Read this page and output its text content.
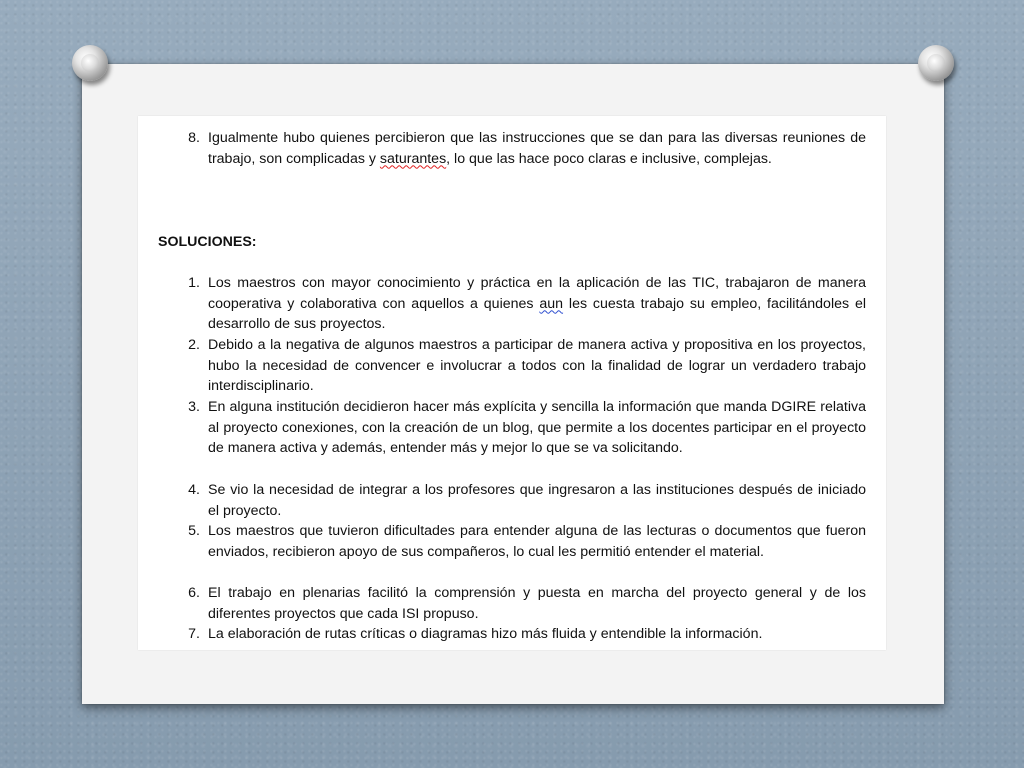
8. Igualmente hubo quienes percibieron que las instrucciones que se dan para las diversas reuniones de trabajo, son complicadas y saturantes, lo que las hace poco claras e inclusive, complejas.
SOLUCIONES:
1. Los maestros con mayor conocimiento y práctica en la aplicación de las TIC, trabajaron de manera cooperativa y colaborativa con aquellos a quienes aun les cuesta trabajo su empleo, facilitándoles el desarrollo de sus proyectos.
2. Debido a la negativa de algunos maestros a participar de manera activa y propositiva en los proyectos, hubo la necesidad de convencer e involucrar a todos con la finalidad de lograr un verdadero trabajo interdisciplinario.
3. En alguna institución decidieron hacer más explícita y sencilla la información que manda DGIRE relativa al proyecto conexiones, con la creación de un blog, que permite a los docentes participar en el proyecto de manera activa y además, entender más y mejor lo que se va solicitando.
4. Se vio la necesidad de integrar a los profesores que ingresaron a las instituciones después de iniciado el proyecto.
5. Los maestros que tuvieron dificultades para entender alguna de las lecturas o documentos que fueron enviados, recibieron apoyo de sus compañeros, lo cual les permitió entender el material.
6. El trabajo en plenarias facilitó la comprensión y puesta en marcha del proyecto general y de los diferentes proyectos que cada ISI propuso.
7. La elaboración de rutas críticas o diagramas hizo más fluida y entendible la información.
